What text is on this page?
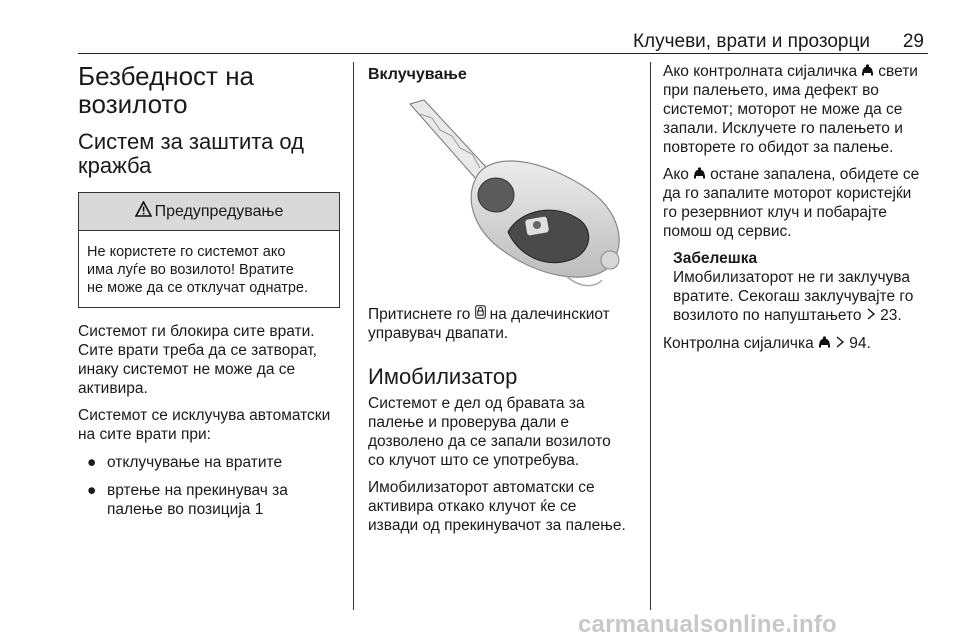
Клучеви, врати и прозорци 29
Безбедност на
возилото
Систем за заштита од
кражба
Предупредување
Не користете го системот ако
има луѓе во возилото! Вратите
не може да се отклучат однатре.
Системот ги блокира сите врати.
Сите врати треба да се затворат,
инаку системот не може да се
активира.
Системот се исклучува автоматски
на сите врати при:
● отклучување на вратите
● вртење на прекинувач за
палење во позиција 1
Вклучување
Притиснете го на далечинскиот
управувач двапати.
Имобилизатор
Системот е дел од бравата за
палење и проверува дали е
дозволено да се запали возилото
со клучот што се употребува.
Имобилизаторот автоматски се
активира откако клучот ќе се
извади од прекинувачот за палење.
Ако контролната сијаличка свети
при палењето, има дефект во
системот; моторот не може да се
запали. Исклучете го палењето и
повторете го обидот за палење.
Ако остане запалена, обидете се
да го запалите моторот користејќи
го резервниот клуч и побарајте
помош од сервис.
Забелешка
Имобилизаторот не ги заклучува
вратите. Секогаш заклучувајте го
возилото по напуштањето 23.
Контролна сијаличка 94.
carmanualsonline.info
